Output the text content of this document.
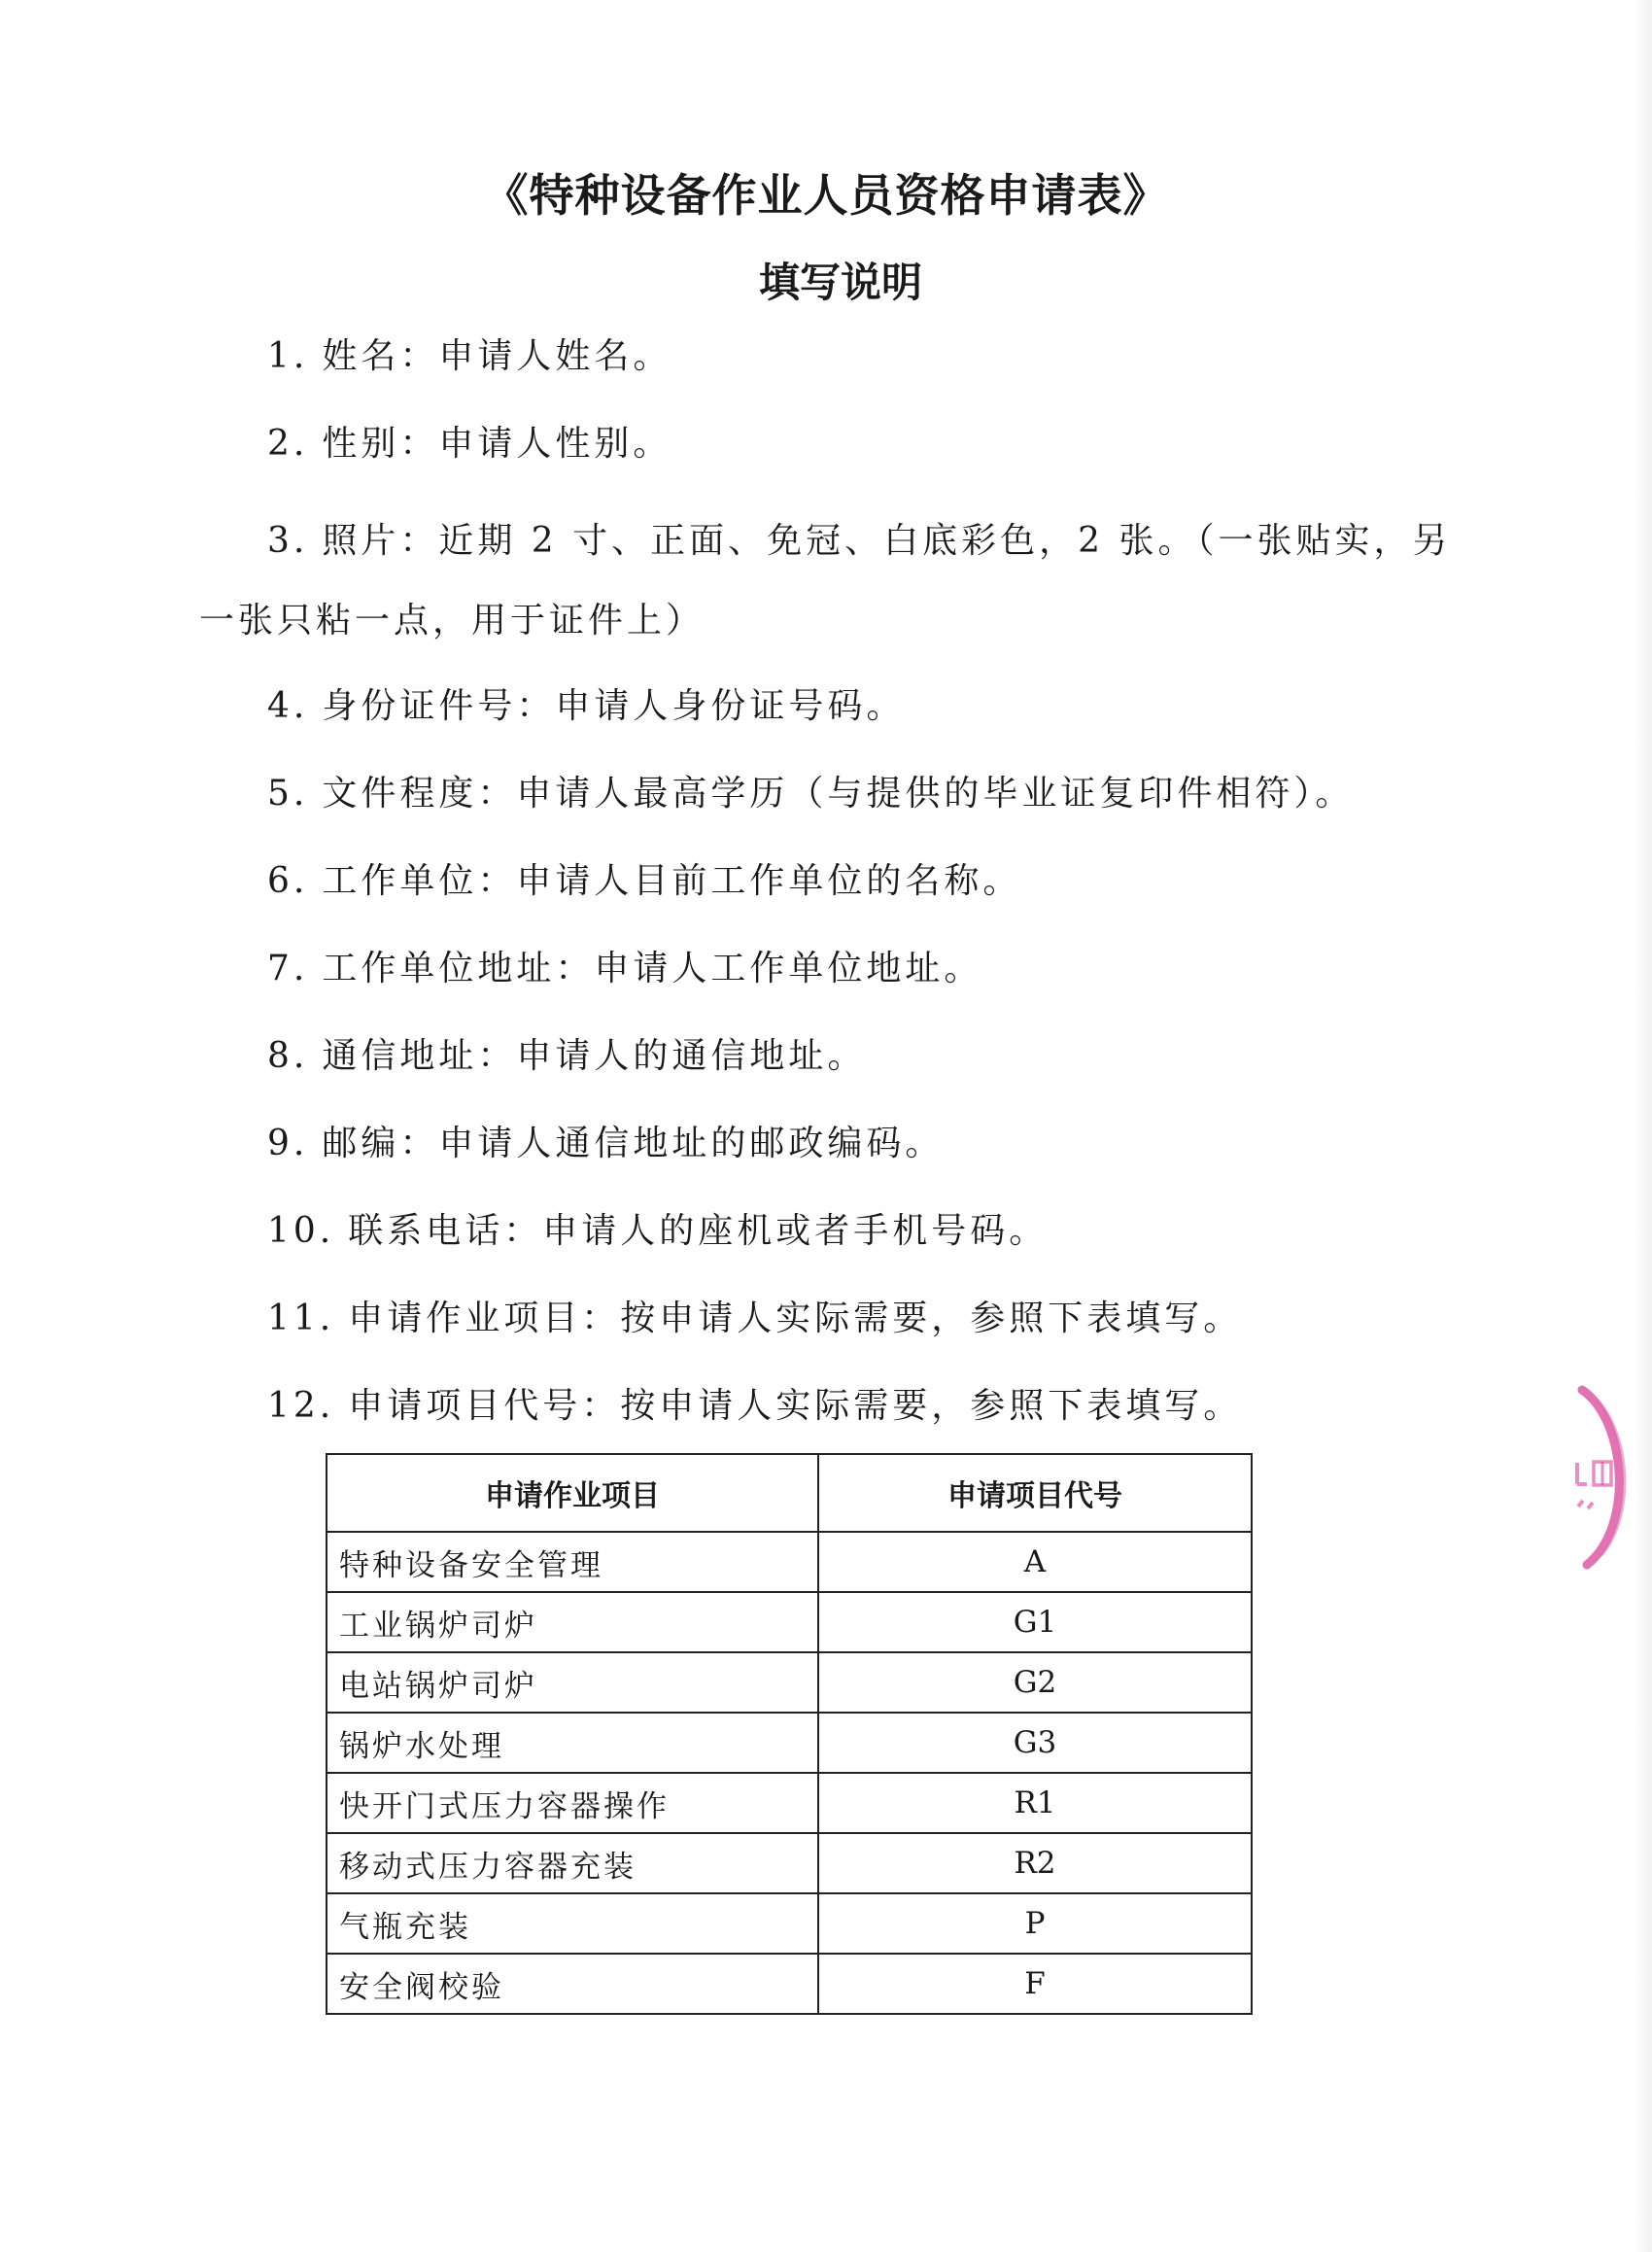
《特种设备作业人员资格申请表》
填写说明
1. 姓名：申请人姓名。
2. 性别：申请人性别。
3. 照片：近期 2 寸、正面、免冠、白底彩色，2 张。（一张贴实，另
一张只粘一点，用于证件上）
4. 身份证件号：申请人身份证号码。
5. 文件程度：申请人最高学历（与提供的毕业证复印件相符）。
6. 工作单位：申请人目前工作单位的名称。
7. 工作单位地址：申请人工作单位地址。
8. 通信地址：申请人的通信地址。
9. 邮编：申请人通信地址的邮政编码。
10. 联系电话：申请人的座机或者手机号码。
11. 申请作业项目：按申请人实际需要，参照下表填写。
12. 申请项目代号：按申请人实际需要，参照下表填写。
申请作业项目	申请项目代号
特种设备安全管理	A
工业锅炉司炉	G1
电站锅炉司炉	G2
锅炉水处理	G3
快开门式压力容器操作	R1
移动式压力容器充装	R2
气瓶充装	P
安全阀校验	F
